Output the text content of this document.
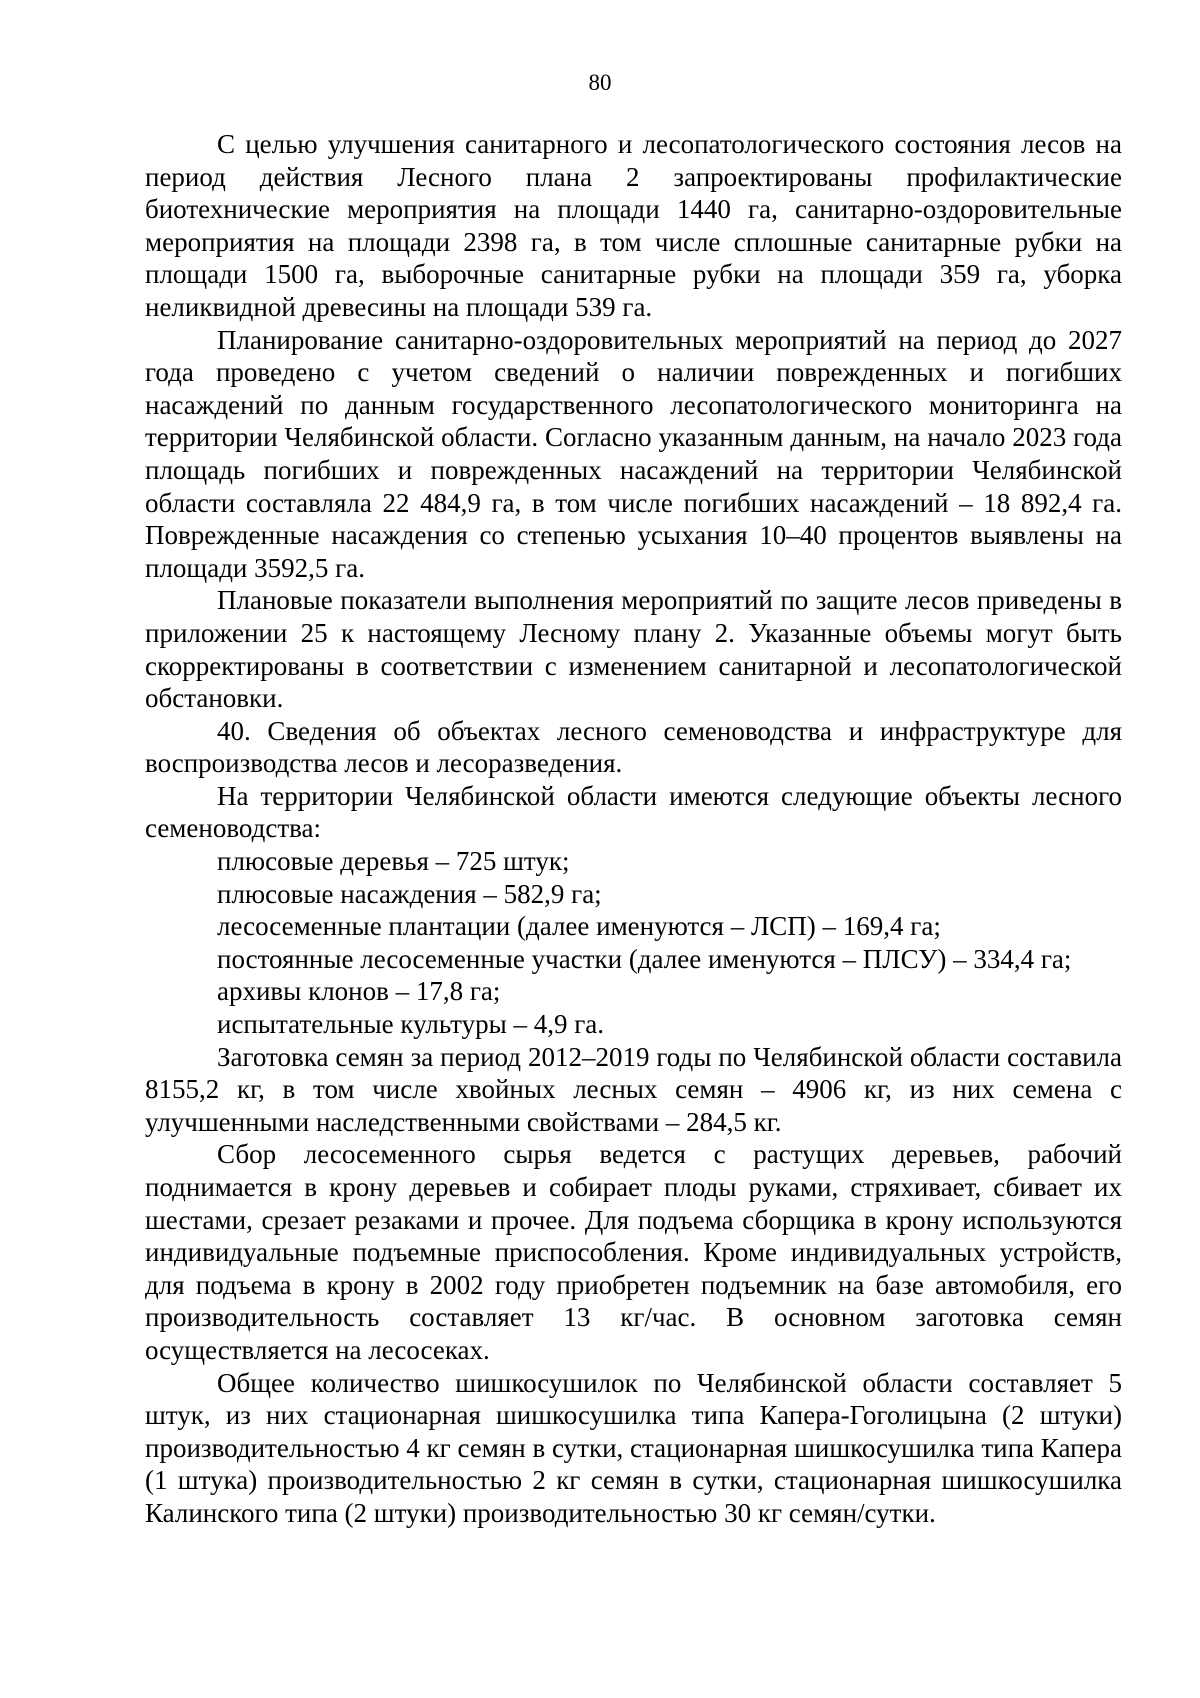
80

С целью улучшения санитарного и лесопатологического состояния лесов на период действия Лесного плана 2 запроектированы профилактические биотехнические мероприятия на площади 1440 га, санитарно-оздоровительные мероприятия на площади 2398 га, в том числе сплошные санитарные рубки на площади 1500 га, выборочные санитарные рубки на площади 359 га, уборка неликвидной древесины на площади 539 га.

Планирование санитарно-оздоровительных мероприятий на период до 2027 года проведено с учетом сведений о наличии поврежденных и погибших насаждений по данным государственного лесопатологического мониторинга на территории Челябинской области. Согласно указанным данным, на начало 2023 года площадь погибших и поврежденных насаждений на территории Челябинской области составляла 22 484,9 га, в том числе погибших насаждений – 18 892,4 га. Поврежденные насаждения со степенью усыхания 10–40 процентов выявлены на площади 3592,5 га.

Плановые показатели выполнения мероприятий по защите лесов приведены в приложении 25 к настоящему Лесному плану 2. Указанные объемы могут быть скорректированы в соответствии с изменением санитарной и лесопатологической обстановки.

40. Сведения об объектах лесного семеноводства и инфраструктуре для воспроизводства лесов и лесоразведения.

На территории Челябинской области имеются следующие объекты лесного семеноводства:

плюсовые деревья – 725 штук;

плюсовые насаждения – 582,9 га;

лесосеменные плантации (далее именуются – ЛСП) – 169,4 га;

постоянные лесосеменные участки (далее именуются – ПЛСУ) – 334,4 га;

архивы клонов – 17,8 га;

испытательные культуры – 4,9 га.

Заготовка семян за период 2012–2019 годы по Челябинской области составила 8155,2 кг, в том числе хвойных лесных семян – 4906 кг, из них семена с улучшенными наследственными свойствами – 284,5 кг.

Сбор лесосеменного сырья ведется с растущих деревьев, рабочий поднимается в крону деревьев и собирает плоды руками, стряхивает, сбивает их шестами, срезает резаками и прочее. Для подъема сборщика в крону используются индивидуальные подъемные приспособления. Кроме индивидуальных устройств, для подъема в крону в 2002 году приобретен подъемник на базе автомобиля, его производительность составляет 13 кг/час. В основном заготовка семян осуществляется на лесосеках.

Общее количество шишкосушилок по Челябинской области составляет 5 штук, из них стационарная шишкосушилка типа Капера-Гоголицына (2 штуки) производительностью 4 кг семян в сутки, стационарная шишкосушилка типа Капера (1 штука) производительностью 2 кг семян в сутки, стационарная шишкосушилка Калинского типа (2 штуки) производительностью 30 кг семян/сутки.
